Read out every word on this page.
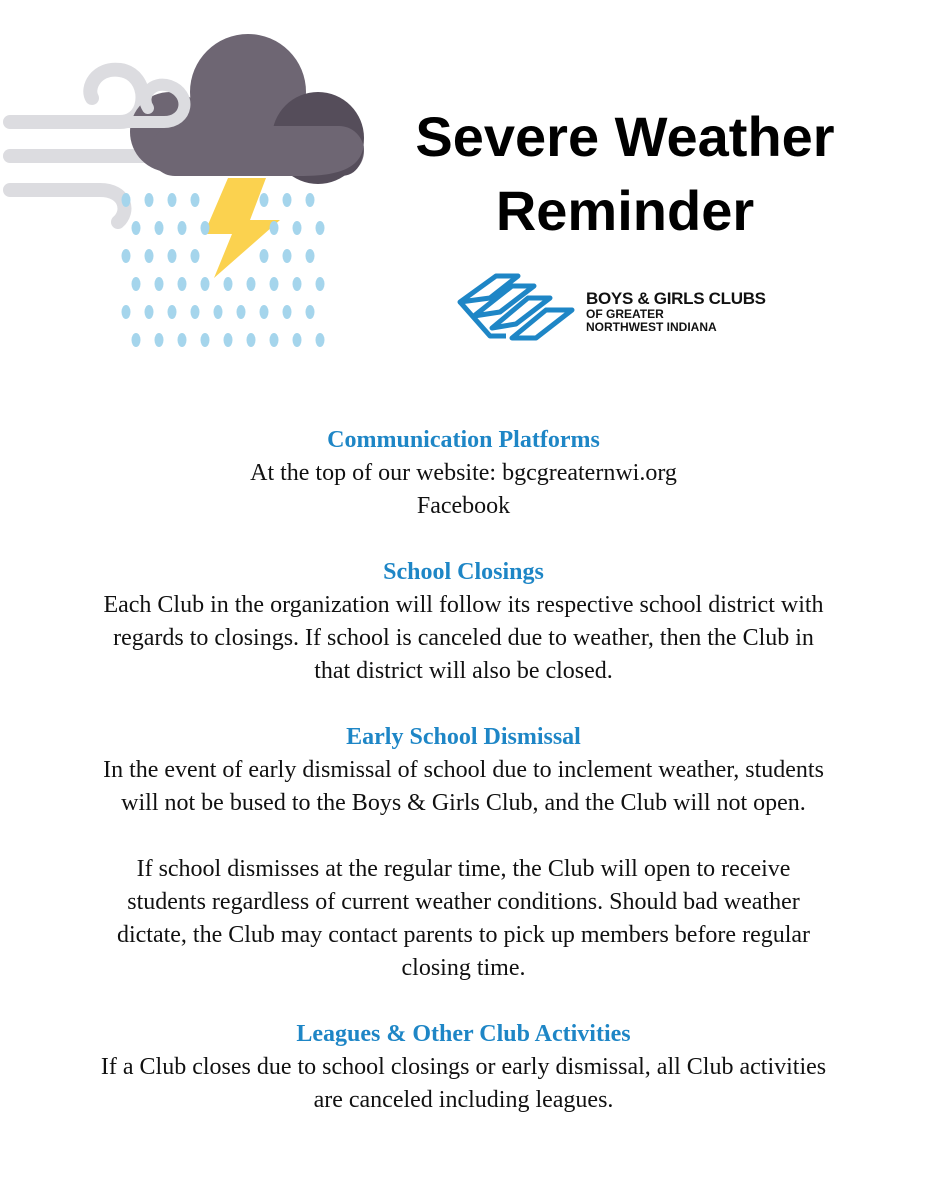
Severe Weather
Reminder
BOYS & GIRLS CLUBS
OF GREATER
NORTHWEST INDIANA

Communication Platforms

At the top of our website: bgcgreaternwi.org
Facebook

School Closings

Each Club in the organization will follow its respective school district with
regards to closings. If school is canceled due to weather, then the Club in
that district will also be closed.

Early School Dismissal

In the event of early dismissal of school due to inclement weather, students
will not be bused to the Boys & Girls Club, and the Club will not open.
If school dismisses at the regular time, the Club will open to receive
students regardless of current weather conditions. Should bad weather
dictate, the Club may contact parents to pick up members before regular
closing time.

Leagues & Other Club Activities

If a Club closes due to school closings or early dismissal, all Club activities
are canceled including leagues.
